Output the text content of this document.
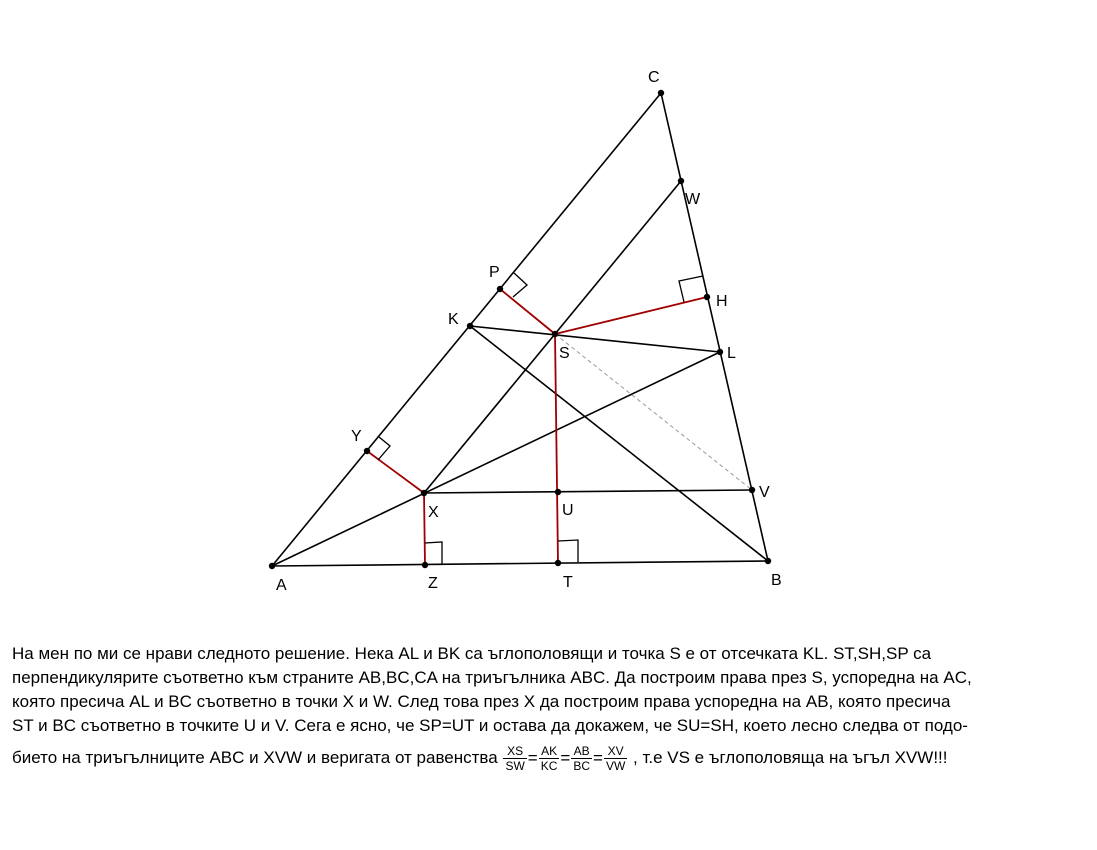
C
W
P
H
K
S	L
Y
V
X	U
A	Z	T	B

На мен по ми се нрави следното решение. Нека AL и BK са ъглополовящи и точка S е от отсечката KL. ST,SH,SP са

перпендикулярите съответно към страните AB,BC,CA на триъгълника ABC. Да построим права през S, успоредна на AC,

която пресича AL и BC съответно в точки X и W. След това през X да построим права успоредна на AB, която пресича

ST и BC съответно в точките U и V. Сега е ясно, че SP=UT и остава да докажем, че SU=SH, което лесно следва от подо-

бието на триъгълниците ABC и XVW и веригата от равенства $\frac{XS}{SW} = \frac{AK}{KC} = \frac{AB}{BC} = \frac{XV}{VW}$ , т.е VS е ъглополовяща на ъгъл XVW!!!
